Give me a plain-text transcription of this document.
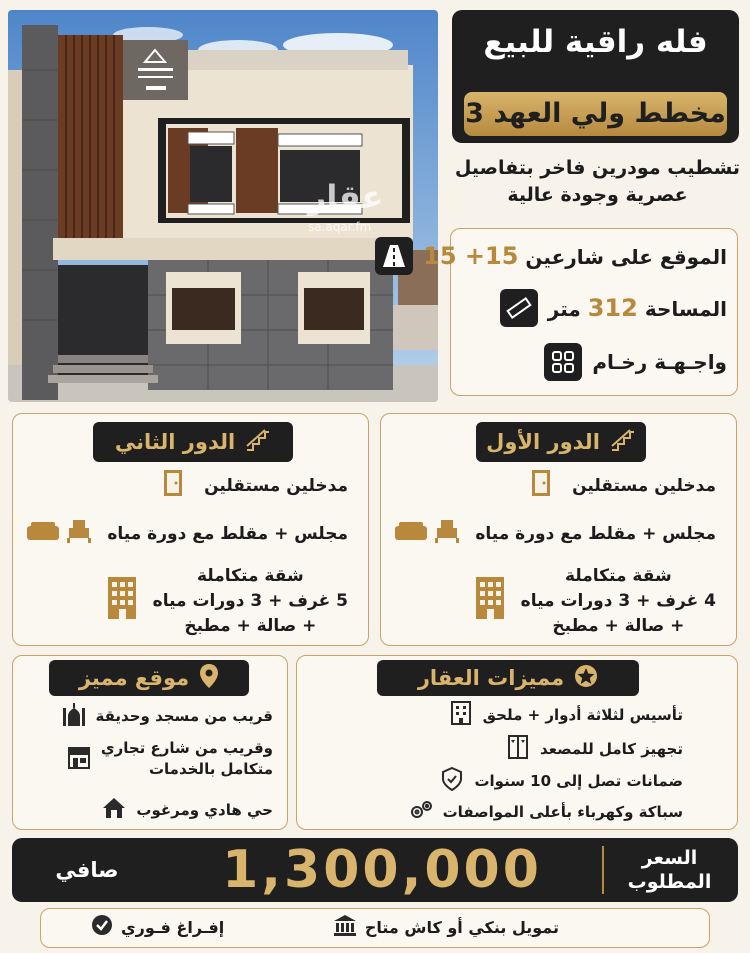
عقار
sa.aqar.fm
فله راقية للبيع
مخطط ولي العهد 3
تشطيب مودرين فاخر بتفاصيل
عصرية وجودة عالية
الموقع على شارعين 15+ 15
المساحة 312 متر
واجـهـة رخـام
الدور الأول
مدخلين مستقلين
مجلس + مقلط مع دورة مياه
شقة متكاملة
4 غرف + 3 دورات مياه
+ صالة + مطبخ
الدور الثاني
مدخلين مستقلين
مجلس + مقلط مع دورة مياه
شقة متكاملة
5 غرف + 3 دورات مياه
+ صالة + مطبخ
مميزات العقار
تأسيس لثلاثة أدوار + ملحق
تجهيز كامل للمصعد
ضمانات تصل إلى 10 سنوات
سباكة وكهرباء بأعلى المواصفات
موقع مميز
قريب من مسجد وحديقة
وقريب من شارع تجاري
متكامل بالخدمات
حي هادي ومرغوب
السعر
المطلوب
1,300,000
صافي
تمويل بنكي أو كاش متاح
إفـراغ فـوري
